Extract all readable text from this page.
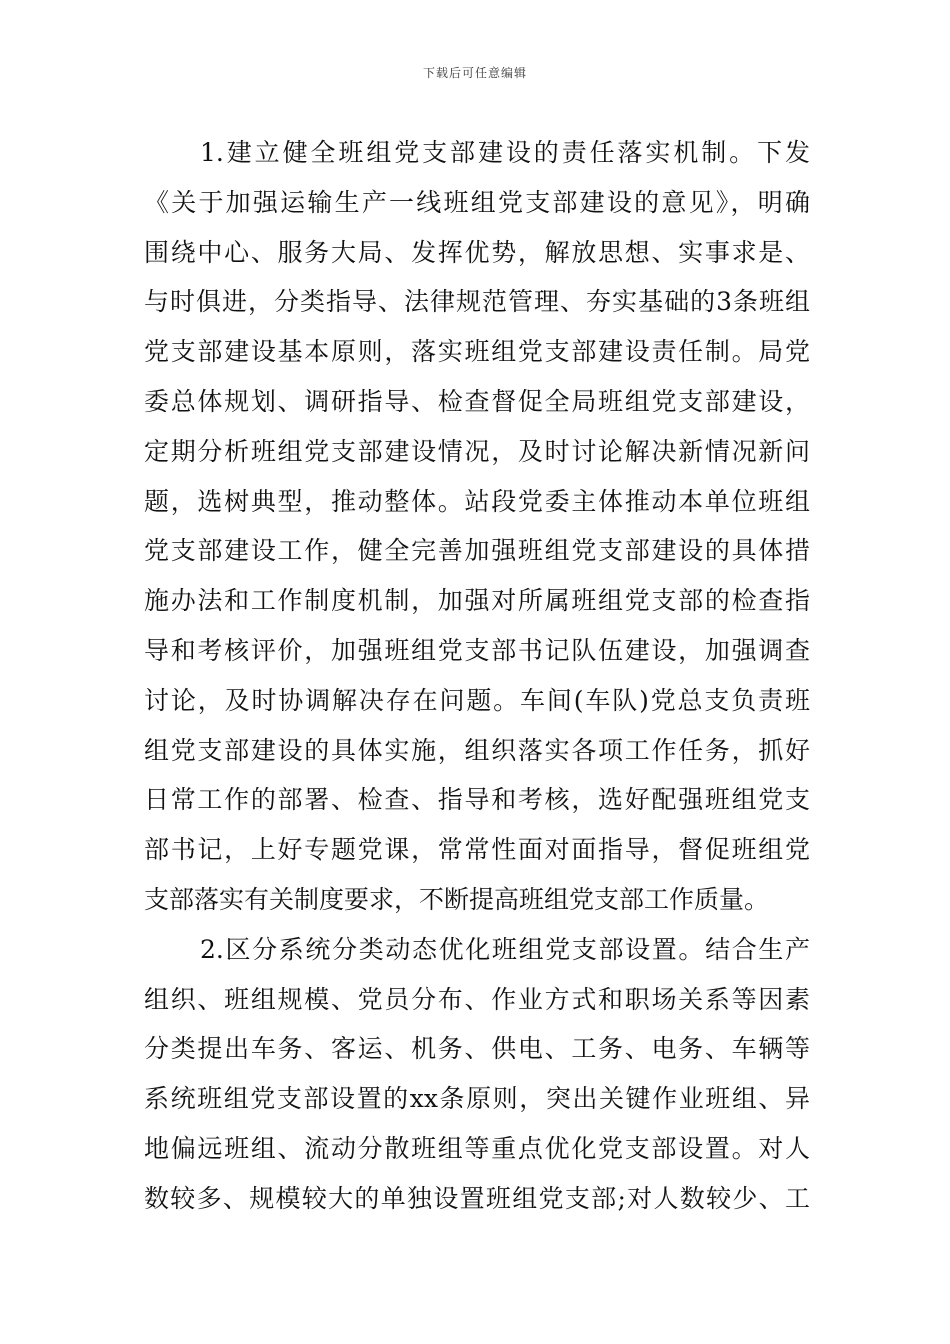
下载后可任意编辑
1.建立健全班组党支部建设的责任落实机制。下发
《关于加强运输生产一线班组党支部建设的意见》，明确
围绕中心、服务大局、发挥优势，解放思想、实事求是、
与时俱进，分类指导、法律规范管理、夯实基础的3条班组
党支部建设基本原则，落实班组党支部建设责任制。局党
委总体规划、调研指导、检查督促全局班组党支部建设，
定期分析班组党支部建设情况，及时讨论解决新情况新问
题，选树典型，推动整体。站段党委主体推动本单位班组
党支部建设工作，健全完善加强班组党支部建设的具体措
施办法和工作制度机制，加强对所属班组党支部的检查指
导和考核评价，加强班组党支部书记队伍建设，加强调查
讨论，及时协调解决存在问题。车间(车队)党总支负责班
组党支部建设的具体实施，组织落实各项工作任务，抓好
日常工作的部署、检查、指导和考核，选好配强班组党支
部书记，上好专题党课，常常性面对面指导，督促班组党
支部落实有关制度要求，不断提高班组党支部工作质量。
2.区分系统分类动态优化班组党支部设置。结合生产
组织、班组规模、党员分布、作业方式和职场关系等因素
分类提出车务、客运、机务、供电、工务、电务、车辆等
系统班组党支部设置的xx条原则，突出关键作业班组、异
地偏远班组、流动分散班组等重点优化党支部设置。对人
数较多、规模较大的单独设置班组党支部;对人数较少、工
